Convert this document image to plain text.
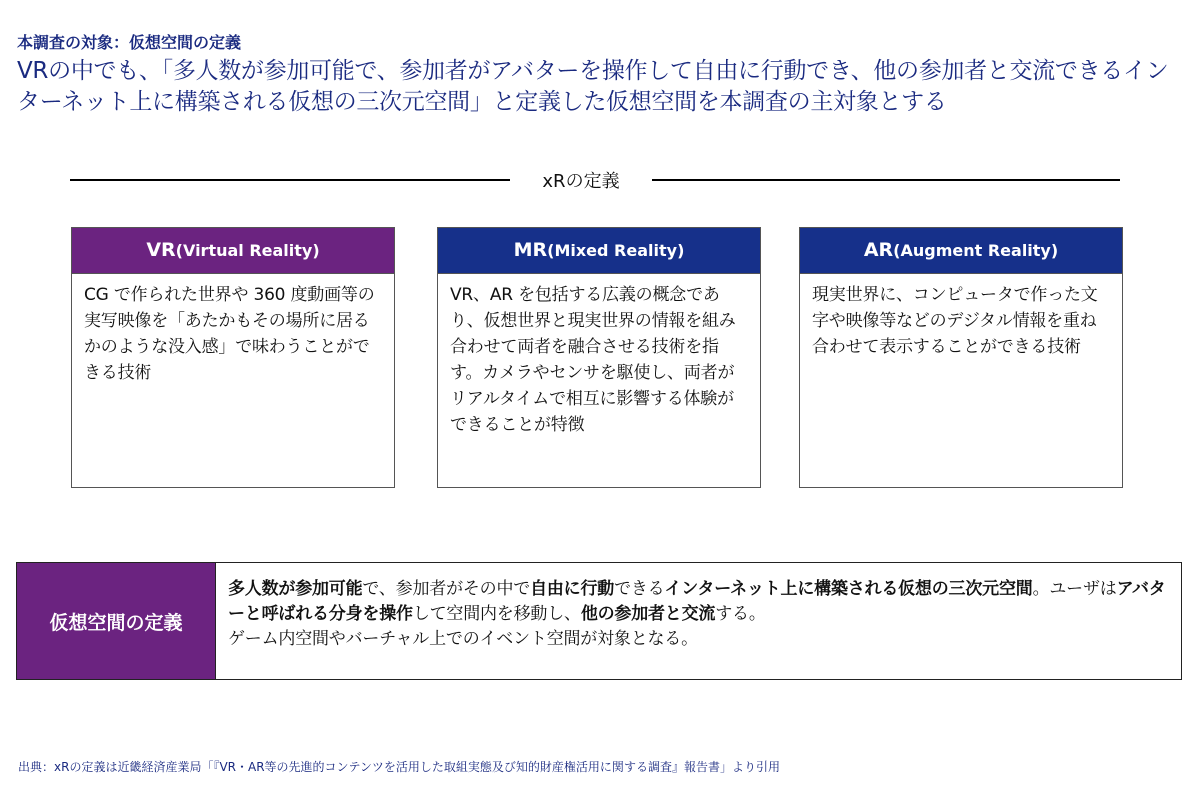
本調査の対象：仮想空間の定義
VRの中でも、「多人数が参加可能で、参加者がアバターを操作して自由に行動でき、他の参加者と交流できるインターネット上に構築される仮想の三次元空間」と定義した仮想空間を本調査の主対象とする
xRの定義
VR(Virtual Reality)
CG で作られた世界や 360 度動画等の実写映像を「あたかもその場所に居るかのような没入感」で味わうことができる技術
MR(Mixed Reality)
VR、AR を包括する広義の概念であり、仮想世界と現実世界の情報を組み合わせて両者を融合させる技術を指す。カメラやセンサを駆使し、両者がリアルタイムで相互に影響する体験ができることが特徴
AR(Augment Reality)
現実世界に、コンピュータで作った文字や映像等などのデジタル情報を重ね合わせて表示することができる技術
仮想空間の定義
多人数が参加可能で、参加者がその中で自由に行動できるインターネット上に構築される仮想の三次元空間。ユーザはアバターと呼ばれる分身を操作して空間内を移動し、他の参加者と交流する。
ゲーム内空間やバーチャル上でのイベント空間が対象となる。
出典：xRの定義は近畿経済産業局「『VR・AR等の先進的コンテンツを活用した取組実態及び知的財産権活用に関する調査』報告書」より引用
